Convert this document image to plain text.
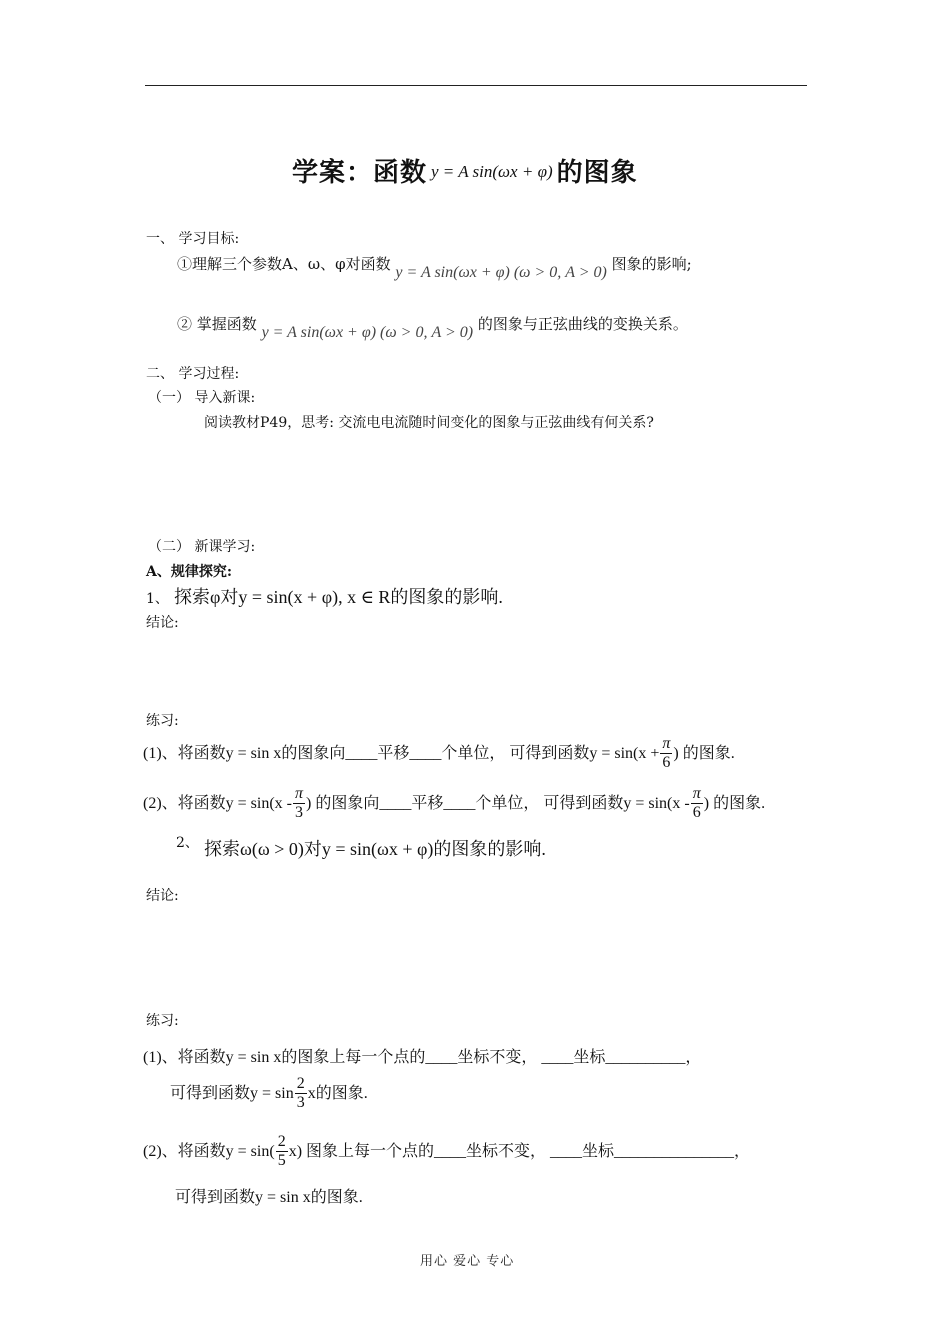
学案：函数 y = A sin(ωx + φ) 的图象
一、 学习目标:
①理解三个参数A、ω、φ对函数 y = A sin(ωx + φ) (ω > 0, A > 0) 图象的影响;
② 掌握函数 y = A sin(ωx + φ) (ω > 0, A > 0) 的图象与正弦曲线的变换关系。
二、 学习过程:
（一） 导入新课:
阅读教材P49，思考: 交流电电流随时间变化的图象与正弦曲线有何关系?
（二） 新课学习:
A、规律探究:
1、 探索φ对y = sin(x + φ), x ∈ R的图象的影响.
结论:
练习:
(1)、将函数y = sin x的图象向____平移____个单位， 可得到函数$y = \sin(x + \frac{\pi}{6}$ ) 的图象.
(2)、将函数$y = \sin(x - \frac{\pi}{3}$ ) 的图象向____平移____个单位， 可得到函数$y = \sin(x - \frac{\pi}{6}$ ) 的图象.
2、 探索ω(ω > 0)对y = sin(ωx + φ)的图象的影响.
结论:
练习:
(1)、将函数y = sin x的图象上每一个点的____坐标不变， ____坐标__________，
可得到函数$y = \sin \frac{2}{3}$ x的图象.
(2)、将函数$y = \sin( \frac{2}{5} x)$ 图象上每一个点的____坐标不变， ____坐标_______________，
可得到函数y = sin x的图象.
用心 爱心 专心
